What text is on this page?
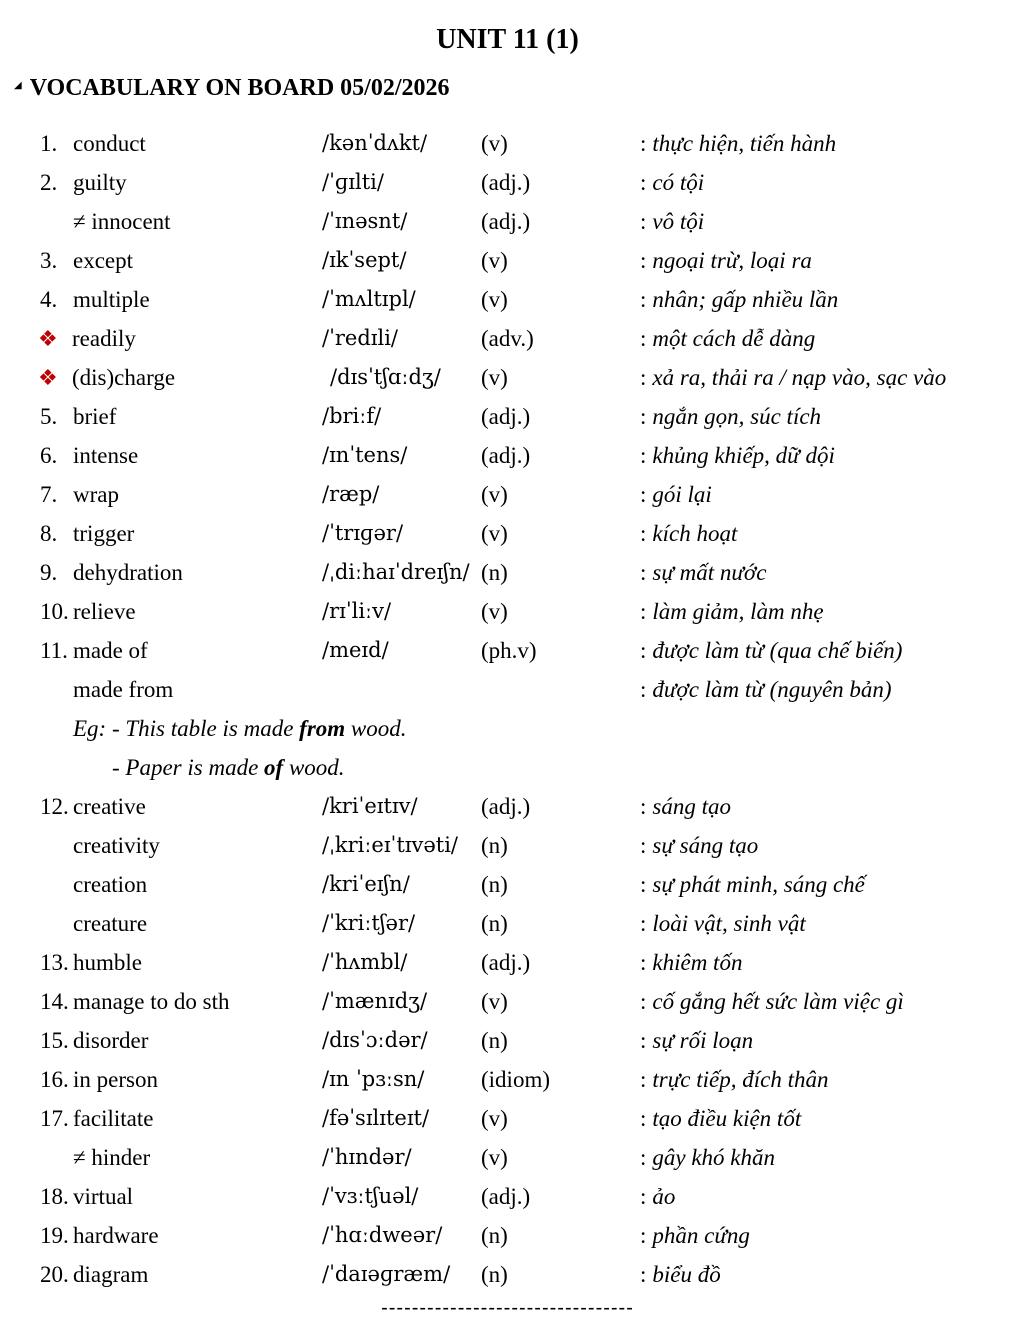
UNIT 11 (1)
◢ VOCABULARY ON BOARD 05/02/2026
1. conduct	/kənˈdʌkt/ (v)	: thực hiện, tiến hành
2. guilty	/ˈɡɪlti/	(adj.)	: có tội
≠ innocent	/ˈɪnəsnt/	(adj.)	: vô tội
3. except	/ɪkˈsept/	(v)	: ngoại trừ, loại ra
4. multiple	/ˈmʌltɪpl/	(v)	: nhân; gấp nhiều lần
❖ readily	/ˈredɪli/	(adv.)	: một cách dễ dàng
❖ (dis)charge	/dɪsˈtʃɑːdʒ/ (v)	: xả ra, thải ra / nạp vào, sạc vào
5. brief	/briːf/	(adj.)	: ngắn gọn, súc tích
6. intense	/ɪnˈtens/	(adj.)	: khủng khiếp, dữ dội
7. wrap	/ræp/	(v)	: gói lại
8. trigger	/ˈtrɪɡər/	(v)	: kích hoạt
9. dehydration	/ˌdiːhaɪˈdreɪʃn/ (n)	: sự mất nước
10. relieve	/rɪˈliːv/	(v)	: làm giảm, làm nhẹ
11. made of	/meɪd/	(ph.v)	: được làm từ (qua chế biến)
made from	: được làm từ (nguyên bản)
Eg: - This table is made from wood.
- Paper is made of wood.
12. creative	/kriˈeɪtɪv/	(adj.)	: sáng tạo
creativity	/ˌkriːeɪˈtɪvəti/ (n)	: sự sáng tạo
creation	/kriˈeɪʃn/	(n)	: sự phát minh, sáng chế
creature	/ˈkriːtʃər/	(n)	: loài vật, sinh vật
13. humble	/ˈhʌmbl/	(adj.)	: khiêm tốn
14. manage to do sth	/ˈmænɪdʒ/ (v)	: cố gắng hết sức làm việc gì
15. disorder	/dɪsˈɔːdər/ (n)	: sự rối loạn
16. in person	/ɪn ˈpɜːsn/ (idiom)	: trực tiếp, đích thân
17. facilitate	/fəˈsɪlɪteɪt/ (v)	: tạo điều kiện tốt
≠ hinder	/ˈhɪndər/	(v)	: gây khó khăn
18. virtual	/ˈvɜːtʃuəl/	(adj.)	: ảo
19. hardware	/ˈhɑːdweər/ (n)	: phần cứng
20. diagram	/ˈdaɪəɡræm/ (n)	: biểu đồ
---------------------------------
